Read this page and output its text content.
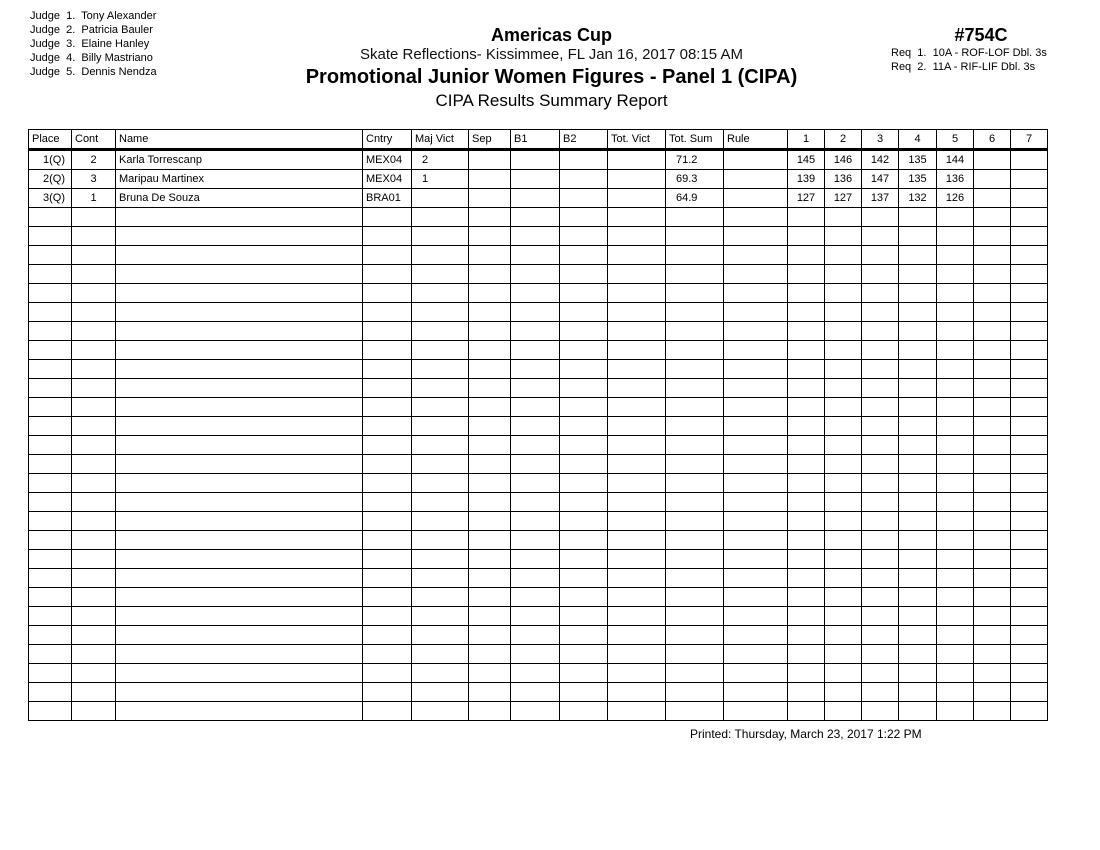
Judge  1.  Tony Alexander
Judge  2.  Patricia Bauler
Judge  3.  Elaine Hanley
Judge  4.  Billy Mastriano
Judge  5.  Dennis Nendza
Americas Cup
Skate Reflections- Kissimmee, FL Jan 16, 2017 08:15 AM
Promotional Junior Women Figures - Panel 1 (CIPA)
CIPA Results Summary Report
#754C
Req  1.  10A - ROF-LOF Dbl. 3s
Req  2.  11A - RIF-LIF Dbl. 3s
Place	Cont	Name	Cntry	Maj Vict	Sep	B1	B2	Tot. Vict	Tot. Sum	Rule	1	2	3	4	5	6	7
1(Q)	2	Karla Torrescanp	MEX04	2					71.2		145	146	142	135	144		
2(Q)	3	Maripau Martinex	MEX04	1					69.3		139	136	147	135	136		
3(Q)	1	Bruna De Souza	BRA01						64.9		127	127	137	132	126		

Printed: Thursday, March 23, 2017 1:22 PM
